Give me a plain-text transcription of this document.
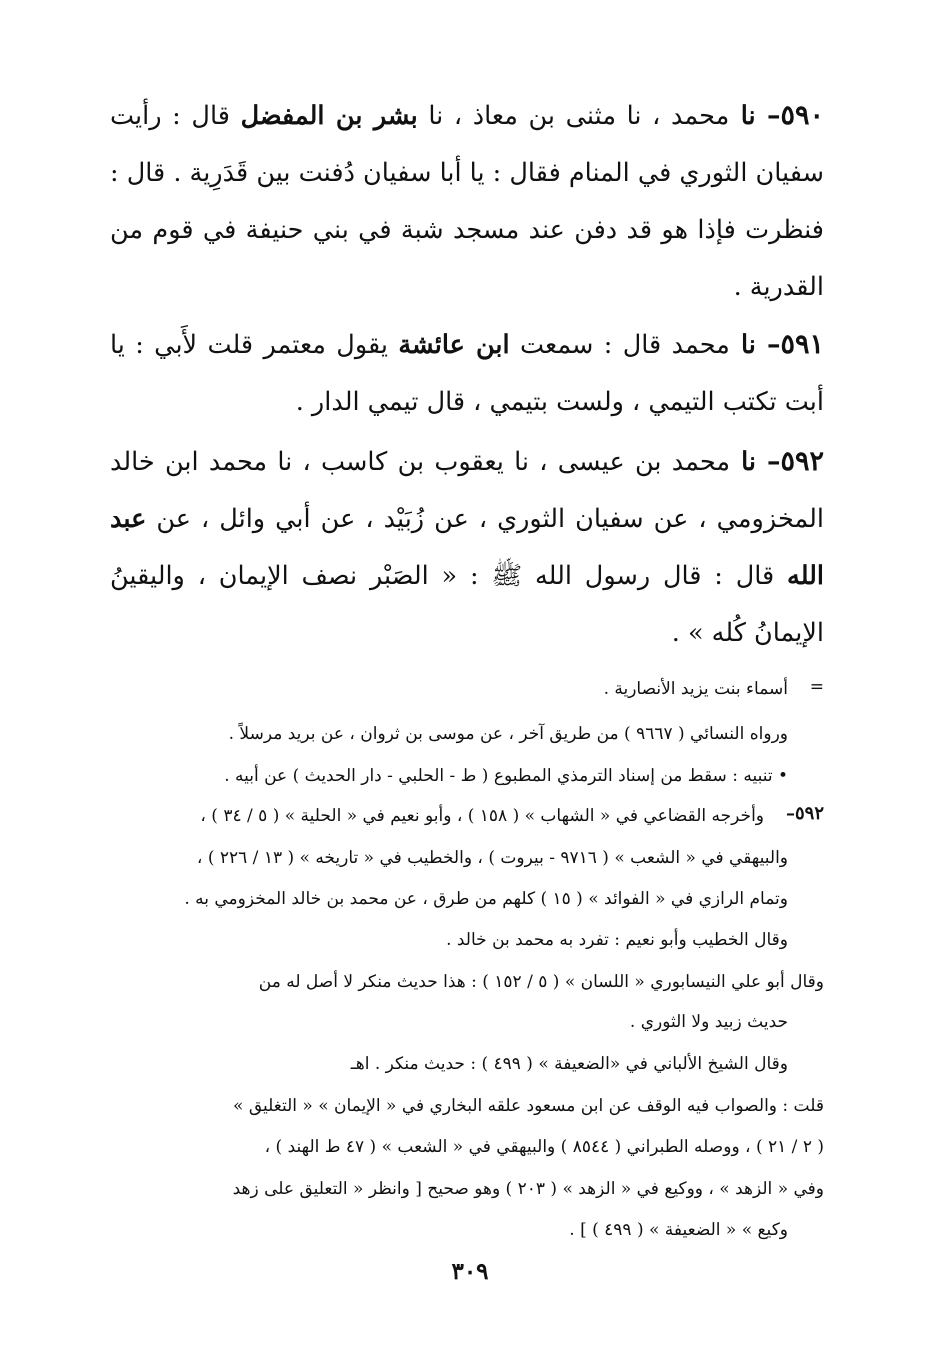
٥٩٠– نا محمد ، نا مثنى بن معاذ ، نا بشر بن المفضل قال : رأيت سفيان الثوري في المنام فقال : يا أبا سفيان دُفنت بين قَدَرِية . قال : فنظرت فإذا هو قد دفن عند مسجد شبة في بني حنيفة في قوم من القدرية .

٥٩١– نا محمد قال : سمعت ابن عائشة يقول معتمر قلت لأَبي : يا أبت تكتب التيمي ، ولست بتيمي ، قال تيمي الدار .

٥٩٢– نا محمد بن عيسى ، نا يعقوب بن كاسب ، نا محمد ابن خالد المخزومي ، عن سفيان الثوري ، عن زُبَيْد ، عن أبي وائل ، عن عبد الله قال : قال رسول الله ﷺ : « الصَبْر نصف الإيمان ، واليقينُ الإيمانُ كُله » .

=

أسماء بنت يزيد الأنصارية .

ورواه النسائي ( ٩٦٦٧ ) من طريق آخر ، عن موسى بن ثروان ، عن بريد مرسلاً .

• تنبيه : سقط من إسناد الترمذي المطبوع ( ط - الحلبي - دار الحديث ) عن أبيه .

٥٩٢–

وأخرجه القضاعي في « الشهاب » ( ١٥٨ ) ، وأبو نعيم في « الحلية » ( ٥ / ٣٤ ) ،

والبيهقي في « الشعب » ( ٩٧١٦ - بيروت ) ، والخطيب في « تاريخه » ( ١٣ / ٢٢٦ ) ،

وتمام الرازي في « الفوائد » ( ١٥ ) كلهم من طرق ، عن محمد بن خالد المخزومي به .

وقال الخطيب وأبو نعيم : تفرد به محمد بن خالد .

وقال أبو علي النيسابوري « اللسان » ( ٥ / ١٥٢ ) : هذا حديث منكر لا أصل له من

حديث زبيد ولا الثوري .

وقال الشيخ الألباني في «الضعيفة » ( ٤٩٩ ) : حديث منكر . اهـ

قلت : والصواب فيه الوقف عن ابن مسعود علقه البخاري في « الإيمان » « التغليق »

( ٢ / ٢١ ) ، ووصله الطبراني ( ٨٥٤٤ ) والبيهقي في « الشعب » ( ٤٧ ط الهند ) ،

وفي « الزهد » ، ووكيع في « الزهد » ( ٢٠٣ ) وهو صحيح [ وانظر « التعليق على زهد

وكيع » « الضعيفة » ( ٤٩٩ ) ] .

٣٠٩
